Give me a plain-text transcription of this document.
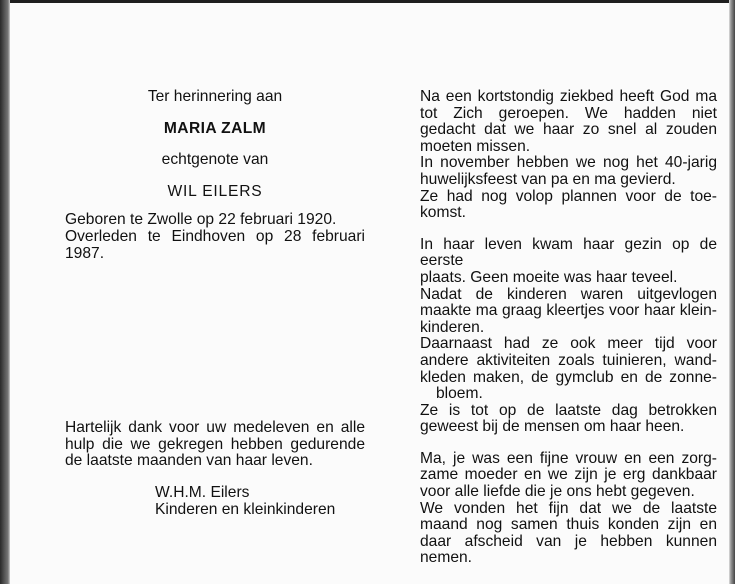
Ter herinnering aan
MARIA ZALM
echtgenote van
WIL EILERS
Geboren te Zwolle op 22 februari 1920.
Overleden te Eindhoven op 28 februari
1987.
Hartelijk dank voor uw medeleven en alle
hulp die we gekregen hebben gedurende
de laatste maanden van haar leven.
W.H.M. Eilers
Kinderen en kleinkinderen
Na een kortstondig ziekbed heeft God ma
tot Zich geroepen. We hadden niet
gedacht dat we haar zo snel al zouden
moeten missen.
In november hebben we nog het 40-jarig
huwelijksfeest van pa en ma gevierd.
Ze had nog volop plannen voor de toe-
komst.
In haar leven kwam haar gezin op de eerste
plaats. Geen moeite was haar teveel.
Nadat de kinderen waren uitgevlogen
maakte ma graag kleertjes voor haar klein-
kinderen.
Daarnaast had ze ook meer tijd voor
andere aktiviteiten zoals tuinieren, wand-
kleden maken, de gymclub en de zonne-
bloem.
Ze is tot op de laatste dag betrokken
geweest bij de mensen om haar heen.
Ma, je was een fijne vrouw en een zorg-
zame moeder en we zijn je erg dankbaar
voor alle liefde die je ons hebt gegeven.
We vonden het fijn dat we de laatste
maand nog samen thuis konden zijn en
daar afscheid van je hebben kunnen
nemen.
